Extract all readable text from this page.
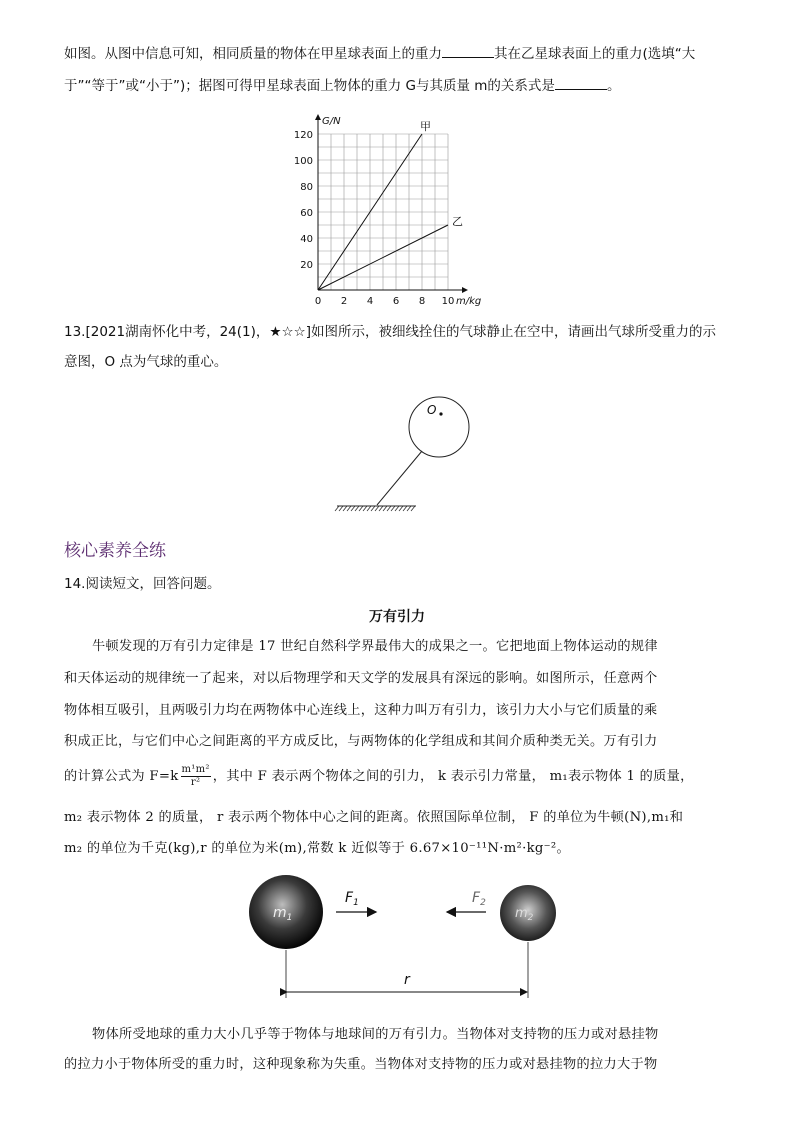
如图。从图中信息可知，相同质量的物体在甲星球表面上的重力	其在乙星球表面上的重力(选填“大
于”“等于”或“小于”)；据图可得甲星球表面上物体的重力 G与其质量 m的关系式是	。
0 2 4 6 8 10
20
40
60
80
100
120
m/kg
G/N	甲
乙
13.[2021湖南怀化中考，24(1)，★☆☆]如图所示，被细线拴住的气球静止在空中，请画出气球所受重力的示
意图，O 点为气球的重心。
O
核心素养全练
14.阅读短文，回答问题。
万有引力
牛顿发现的万有引力定律是 17 世纪自然科学界最伟大的成果之一。它把地面上物体运动的规律
和天体运动的规律统一了起来，对以后物理学和天文学的发展具有深远的影响。如图所示，任意两个
物体相互吸引，且两吸引力均在两物体中心连线上，这种力叫万有引力，该引力大小与它们质量的乘
积成正比，与它们中心之间距离的平方成反比，与两物体的化学组成和其间介质种类无关。万有引力
的计算公式为 $F=k \frac{\text{m¹m²}}{\text{r²}}$ ，其中 F 表示两个物体之间的引力， k 表示引力常量， m₁表示物体 1 的质量，
m₂ 表示物体 2 的质量， r 表示两个物体中心之间的距离。依照国际单位制， F 的单位为牛顿(N),m₁和
m₂ 的单位为千克(kg),r 的单位为米(m),常数 k 近似等于 6.67×10⁻¹¹N·m²·kg⁻²。
$m_1$	$m_2$
$F_1$	$F_2$
r
物体所受地球的重力大小几乎等于物体与地球间的万有引力。当物体对支持物的压力或对悬挂物
的拉力小于物体所受的重力时，这种现象称为失重。当物体对支持物的压力或对悬挂物的拉力大于物
